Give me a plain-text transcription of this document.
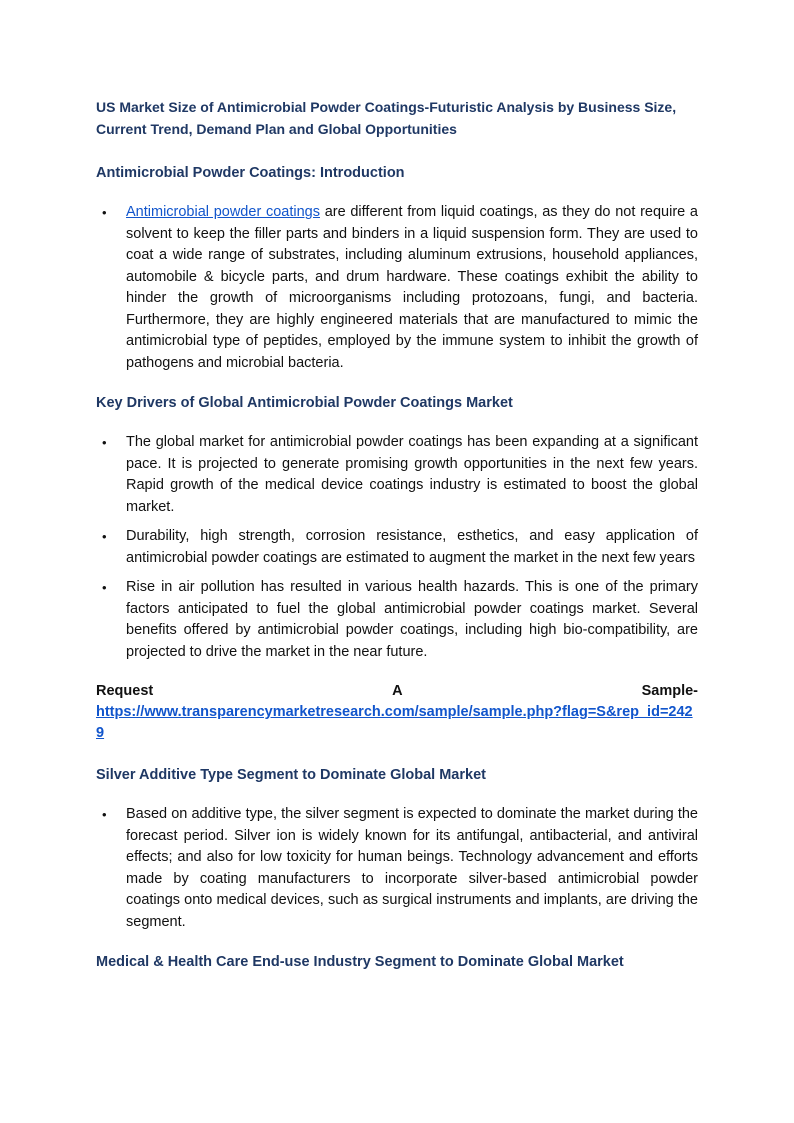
US Market Size of Antimicrobial Powder Coatings-Futuristic Analysis by Business Size, Current Trend, Demand Plan and Global Opportunities
Antimicrobial Powder Coatings: Introduction
•	Antimicrobial powder coatings are different from liquid coatings, as they do not require a solvent to keep the filler parts and binders in a liquid suspension form. They are used to coat a wide range of substrates, including aluminum extrusions, household appliances, automobile & bicycle parts, and drum hardware. These coatings exhibit the ability to hinder the growth of microorganisms including protozoans, fungi, and bacteria. Furthermore, they are highly engineered materials that are manufactured to mimic the antimicrobial type of peptides, employed by the immune system to inhibit the growth of pathogens and microbial bacteria.
Key Drivers of Global Antimicrobial Powder Coatings Market
•	The global market for antimicrobial powder coatings has been expanding at a significant pace. It is projected to generate promising growth opportunities in the next few years. Rapid growth of the medical device coatings industry is estimated to boost the global market.
•	Durability, high strength, corrosion resistance, esthetics, and easy application of antimicrobial powder coatings are estimated to augment the market in the next few years
•	Rise in air pollution has resulted in various health hazards. This is one of the primary factors anticipated to fuel the global antimicrobial powder coatings market. Several benefits offered by antimicrobial powder coatings, including high bio-compatibility, are projected to drive the market in the near future.
Request	A	Sample-
https://www.transparencymarketresearch.com/sample/sample.php?flag=S&rep_id=2429
Silver Additive Type Segment to Dominate Global Market
•	Based on additive type, the silver segment is expected to dominate the market during the forecast period. Silver ion is widely known for its antifungal, antibacterial, and antiviral effects; and also for low toxicity for human beings. Technology advancement and efforts made by coating manufacturers to incorporate silver-based antimicrobial powder coatings onto medical devices, such as surgical instruments and implants, are driving the segment.
Medical & Health Care End-use Industry Segment to Dominate Global Market
